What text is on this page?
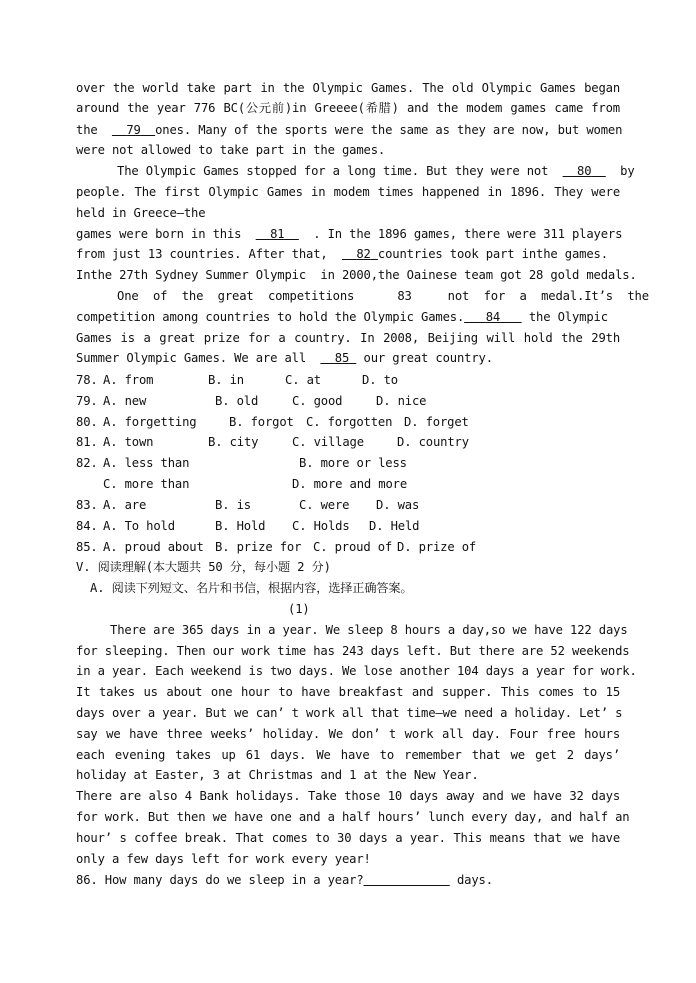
over the world take part in the Olympic Games. The old Olympic Games began
around the year 776 BC(公元前)in Greeee(希腊) and the modem games came from
the 79 ones. Many of the sports were the same as they are now, but women
were not allowed to take part in the games.
The Olympic Games stopped for a long time. But they were not 80 by
people. The first Olympic Games in modem times happened in 1896. They were
held in Greece—the
games were born in this 81 . In the 1896 games, there were 311 players
from just 13 countries. After that, 82 countries took part inthe games.
Inthe 27th Sydney Summer Olympic  in 2000,the Oainese team got 28 gold medals.
One  of  the  great  competitions      83     not  for  a  medal.It’s  the
competition among countries to hold the Olympic Games. 84 the Olympic
Games is a great prize for a country. In 2008, Beijing will hold the 29th
Summer Olympic Games. We are all 85 our great country.
78. A. from	B. in	C. at	D. to
79. A. new	B. old	C. good	D. nice
80. A. forgetting	B. forgot C. forgotten D. forget
81. A. town	B. city	C. village	D. country
82. A. less than	B. more or less
C. more than	D. more and more
83. A. are	B. is	C. were D. was
84. A. To hold	B. Hold C. Holds D. Held
85. A. proud about B. prize for C. proud of D. prize of
V. 阅读理解(本大题共 50 分，每小题 2 分)
A. 阅读下列短文、名片和书信，根据内容，选择正确答案。
(1)
There are 365 days in a year. We sleep 8 hours a day,so we have 122 days
for sleeping. Then our work time has 243 days left. But there are 52 weekends
in a year. Each weekend is two days. We lose another 104 days a year for work.
It takes us about one hour to have breakfast and supper. This comes to 15
days over a year. But we can’ t work all that time—we need a holiday. Let’ s
say we have three weeks’ holiday. We don’ t work all day. Four free hours
each evening takes up 61 days. We have to remember that we get 2 days’
holiday at Easter, 3 at Christmas and 1 at the New Year.
There are also 4 Bank holidays. Take those 10 days away and we have 32 days
for work. But then we have one and a half hours’ lunch every day, and half an
hour’ s coffee break. That comes to 30 days a year. This means that we have
only a few days left for work every year!
86. How many days do we sleep in a year?	days.
